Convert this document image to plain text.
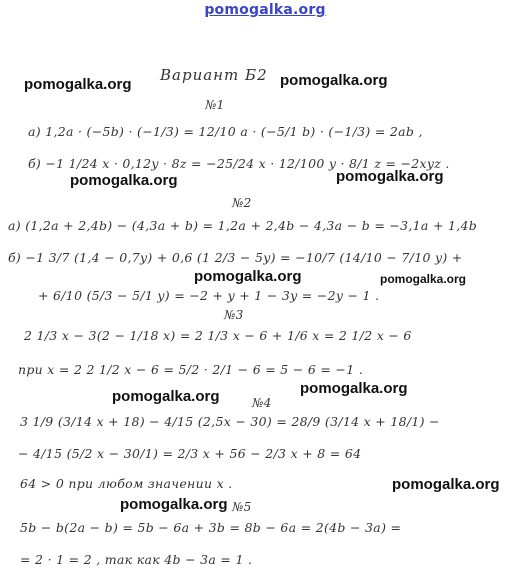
pomogalka.org
Вариант Б2
№1
а) 1,2a · (−5b) · (−1/3) = 12/10 a · (−5/1 b) · (−1/3) = 2ab ,
б) −1 1/24 x · 0,12y · 8z = −25/24 x · 12/100 y · 8/1 z = −2xyz .
№2
а) (1,2a + 2,4b) − (4,3a + b) = 1,2a + 2,4b − 4,3a − b = −3,1a + 1,4b
б) −1 3/7 (1,4 − 0,7y) + 0,6 (1 2/3 − 5y) = −10/7 (14/10 − 7/10 y) +
+ 6/10 (5/3 − 5/1 y) = −2 + y + 1 − 3y = −2y − 1 .
№3
2 1/3 x − 3(2 − 1/18 x) = 2 1/3 x − 6 + 1/6 x = 2 1/2 x − 6
при x = 2 2 1/2 x − 6 = 5/2 · 2/1 − 6 = 5 − 6 = −1 .
№4
3 1/9 (3/14 x + 18) − 4/15 (2,5x − 30) = 28/9 (3/14 x + 18/1) −
− 4/15 (5/2 x − 30/1) = 2/3 x + 56 − 2/3 x + 8 = 64
64 > 0 при любом значении x .
№5
5b − b(2a − b) = 5b − 6a + 3b = 8b − 6a = 2(4b − 3a) =
= 2 · 1 = 2 , так как 4b − 3a = 1 .
pomogalka.org	pomogalka.org
pomogalka.org	pomogalka.org
pomogalka.org	pomogalka.org
pomogalka.org
pomogalka.org
pomogalka.org
pomogalka.org
